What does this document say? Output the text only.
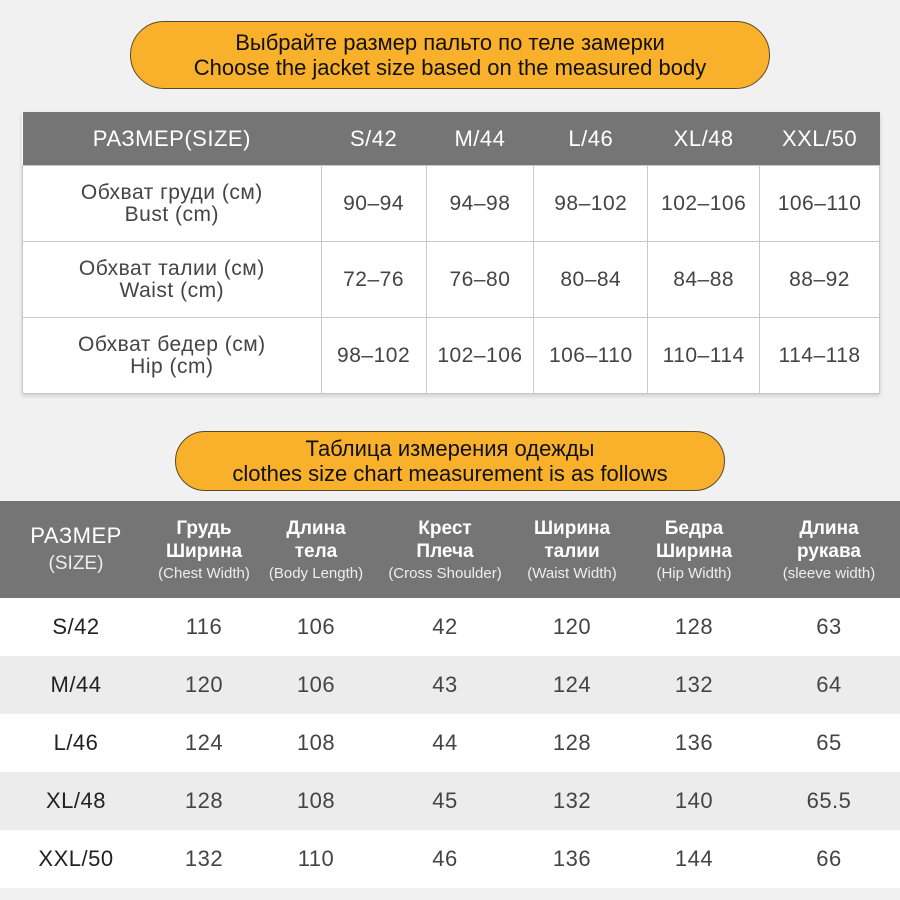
Выбрайте размер пальто по теле замерки
Choose the jacket size based on the measured body
РАЗМЕР(SIZE)	S/42	M/44	L/46	XL/48	XXL/50

Обхват груди (см)
Bust (cm)	90–94	94–98	98–102	102–106	106–110

Обхват талии (см)
Waist (cm)	72–76	76–80	80–84	84–88	88–92

Обхват бедер (см)
Hip (cm)	98–102	102–106	106–110	110–114	114–118
Таблица измерения одежды
clothes size chart measurement is as follows
РАЗМЕР
(SIZE)	Грудь
Ширина
(Chest Width)	Длина
тела
(Body Length)	Крест
Плеча
(Cross Shoulder)	Ширина
талии
(Waist Width)	Бедра
Ширина
(Hip Width)	Длина
рукава
(sleeve width)

S/42	116	106	42	120	128	63
M/44	120	106	43	124	132	64
L/46	124	108	44	128	136	65
XL/48	128	108	45	132	140	65.5
XXL/50	132	110	46	136	144	66
